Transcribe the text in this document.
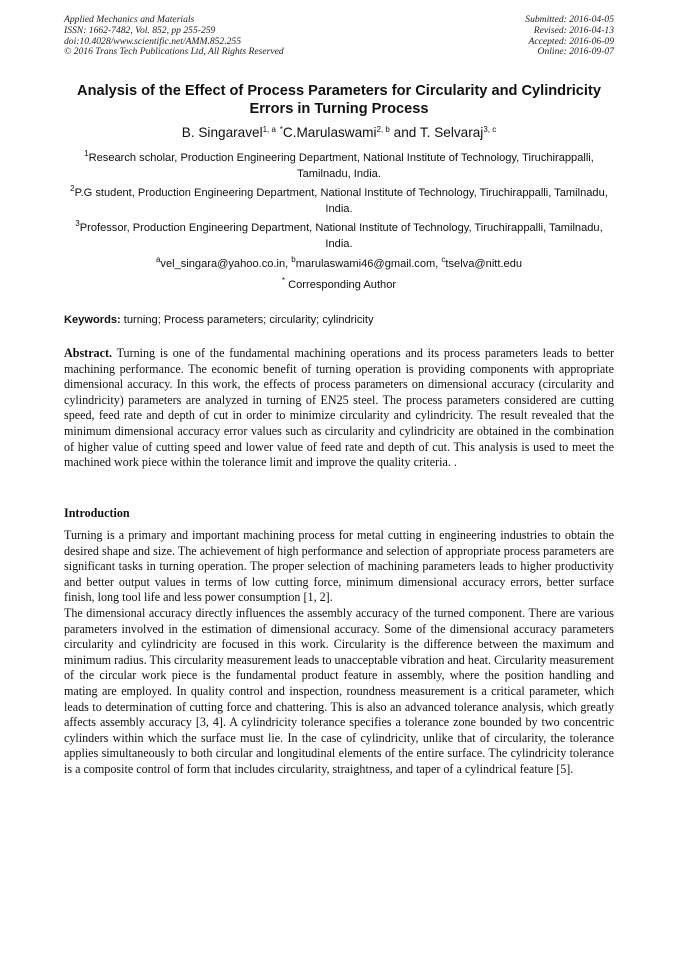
Applied Mechanics and Materials
ISSN: 1662-7482, Vol. 852, pp 255-259
doi:10.4028/www.scientific.net/AMM.852.255
© 2016 Trans Tech Publications Ltd, All Rights Reserved
Submitted: 2016-04-05
Revised: 2016-04-13
Accepted: 2016-06-09
Online: 2016-09-07
Analysis of the Effect of Process Parameters for Circularity and Cylindricity Errors in Turning Process
B. Singaravel$^{1, a}$ *C.Marulaswami$^{2, b}$ and T. Selvaraj$^{3, c}$
$^1$Research scholar, Production Engineering Department, National Institute of Technology, Tiruchirappalli, Tamilnadu, India.
$^2$P.G student, Production Engineering Department, National Institute of Technology, Tiruchirappalli, Tamilnadu, India.
$^3$Professor, Production Engineering Department, National Institute of Technology, Tiruchirappalli, Tamilnadu, India.
$^a$vel_singara@yahoo.co.in, $^b$marulaswami46@gmail.com, $^c$tselva@nitt.edu
* Corresponding Author
Keywords: turning; Process parameters; circularity; cylindricity
Abstract. Turning is one of the fundamental machining operations and its process parameters leads to better machining performance. The economic benefit of turning operation is providing components with appropriate dimensional accuracy. In this work, the effects of process parameters on dimensional accuracy (circularity and cylindricity) parameters are analyzed in turning of EN25 steel. The process parameters considered are cutting speed, feed rate and depth of cut in order to minimize circularity and cylindricity. The result revealed that the minimum dimensional accuracy error values such as circularity and cylindricity are obtained in the combination of higher value of cutting speed and lower value of feed rate and depth of cut. This analysis is used to meet the machined work piece within the tolerance limit and improve the quality criteria. .
Introduction

Turning is a primary and important machining process for metal cutting in engineering industries to obtain the desired shape and size. The achievement of high performance and selection of appropriate process parameters are significant tasks in turning operation. The proper selection of machining parameters leads to higher productivity and better output values in terms of low cutting force, minimum dimensional accuracy errors, better surface finish, long tool life and less power consumption [1, 2].

The dimensional accuracy directly influences the assembly accuracy of the turned component. There are various parameters involved in the estimation of dimensional accuracy. Some of the dimensional accuracy parameters circularity and cylindricity are focused in this work. Circularity is the difference between the maximum and minimum radius. This circularity measurement leads to unacceptable vibration and heat. Circularity measurement of the circular work piece is the fundamental product feature in assembly, where the position handling and mating are employed. In quality control and inspection, roundness measurement is a critical parameter, which leads to determination of cutting force and chattering. This is also an advanced tolerance analysis, which greatly affects assembly accuracy [3, 4]. A cylindricity tolerance specifies a tolerance zone bounded by two concentric cylinders within which the surface must lie. In the case of cylindricity, unlike that of circularity, the tolerance applies simultaneously to both circular and longitudinal elements of the entire surface. The cylindricity tolerance is a composite control of form that includes circularity, straightness, and taper of a cylindrical feature [5].
